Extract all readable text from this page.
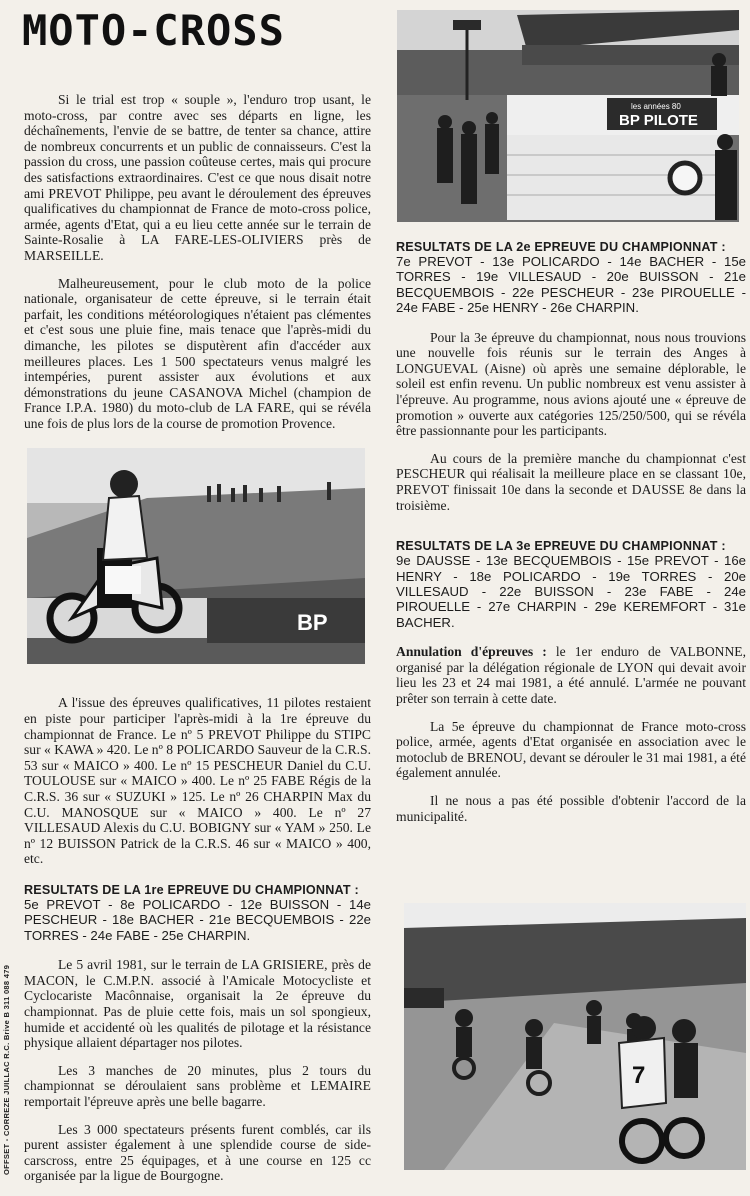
OFFSET - CORREZE JUILLAC R.C. Brive B 311 088 479
MOTO-CROSS
les années 80
BP PILOTE
BP
7

Si le trial est trop « souple », l'enduro trop usant, le moto-cross, par contre avec ses départs en ligne, les déchaînements, l'envie de se battre, de tenter sa chance, attire de nombreux concurrents et un public de connaisseurs. C'est la passion du cross, une passion coûteuse certes, mais qui procure des satisfactions extraordinaires. C'est ce que nous disait notre ami PREVOT Philippe, peu avant le déroulement des épreuves qualificatives du championnat de France de moto-cross police, armée, agents d'Etat, qui a eu lieu cette année sur le terrain de Sainte-Rosalie à LA FARE-LES-OLIVIERS près de MARSEILLE.

Malheureusement, pour le club moto de la police nationale, organisateur de cette épreuve, si le terrain était parfait, les conditions météorologiques n'étaient pas clémentes et c'est sous une pluie fine, mais tenace que l'après-midi du dimanche, les pilotes se disputèrent afin d'accéder aux meilleures places. Les 1 500 spectateurs venus malgré les intempéries, purent assister aux évolutions et aux démonstrations du jeune CASANOVA Michel (champion de France I.P.A. 1980) du moto-club de LA FARE, qui se révéla une fois de plus lors de la course de promotion Provence.

A l'issue des épreuves qualificatives, 11 pilotes restaient en piste pour participer l'après-midi à la 1re épreuve du championnat de France. Le nº 5 PREVOT Philippe du STIPC sur « KAWA » 420. Le nº 8 POLICARDO Sauveur de la C.R.S. 53 sur « MAICO » 400. Le nº 15 PESCHEUR Daniel du C.U. TOULOUSE sur « MAICO » 400. Le nº 25 FABE Régis de la C.R.S. 36 sur « SUZUKI » 125. Le nº 26 CHARPIN Max du C.U. MANOSQUE sur « MAICO » 400. Le nº 27 VILLESAUD Alexis du C.U. BOBIGNY sur « YAM » 250. Le nº 12 BUISSON Patrick de la C.R.S. 46 sur « MAICO » 400, etc.

RESULTATS DE LA 1re EPREUVE DU CHAMPIONNAT :

5e PREVOT - 8e POLICARDO - 12e BUISSON - 14e PESCHEUR - 18e BACHER - 21e BECQUEMBOIS - 22e TORRES - 24e FABE - 25e CHARPIN.

Le 5 avril 1981, sur le terrain de LA GRISIERE, près de MACON, le C.M.P.N. associé à l'Amicale Motocycliste et Cyclocariste Macônnaise, organisait la 2e épreuve du championnat. Pas de pluie cette fois, mais un sol spongieux, humide et accidenté où les qualités de pilotage et la résistance physique allaient départager nos pilotes.

Les 3 manches de 20 minutes, plus 2 tours du championnat se déroulaient sans problème et LEMAIRE remportait l'épreuve après une belle bagarre.

Les 3 000 spectateurs présents furent comblés, car ils purent assister également à une splendide course de side-carscross, entre 25 équipages, et à une course en 125 cc organisée par la ligue de Bourgogne.

RESULTATS DE LA 2e EPREUVE DU CHAMPIONNAT :

7e PREVOT - 13e POLICARDO - 14e BACHER - 15e TORRES - 19e VILLESAUD - 20e BUISSON - 21e BECQUEMBOIS - 22e PESCHEUR - 23e PIROUELLE - 24e FABE - 25e HENRY - 26e CHARPIN.

Pour la 3e épreuve du championnat, nous nous trouvions une nouvelle fois réunis sur le terrain des Anges à LONGUEVAL (Aisne) où après une semaine déplorable, le soleil est enfin revenu. Un public nombreux est venu assister à l'épreuve. Au programme, nous avions ajouté une « épreuve de promotion » ouverte aux catégories 125/250/500, qui se révéla être passionnante pour les participants.

Au cours de la première manche du championnat c'est PESCHEUR qui réalisait la meilleure place en se classant 10e, PREVOT finissait 10e dans la seconde et DAUSSE 8e dans la troisième.

RESULTATS DE LA 3e EPREUVE DU CHAMPIONNAT :

9e DAUSSE - 13e BECQUEMBOIS - 15e PREVOT - 16e HENRY - 18e POLICARDO - 19e TORRES - 20e VILLESAUD - 22e BUISSON - 23e FABE - 24e PIROUELLE - 27e CHARPIN - 29e KEREMFORT - 31e BACHER.

Annulation d'épreuves : le 1er enduro de VALBONNE, organisé par la délégation régionale de LYON qui devait avoir lieu les 23 et 24 mai 1981, a été annulé. L'armée ne pouvant prêter son terrain à cette date.

La 5e épreuve du championnat de France moto-cross police, armée, agents d'Etat organisée en association avec le motoclub de BRENOU, devant se dérouler le 31 mai 1981, a été également annulée.

Il ne nous a pas été possible d'obtenir l'accord de la municipalité.
